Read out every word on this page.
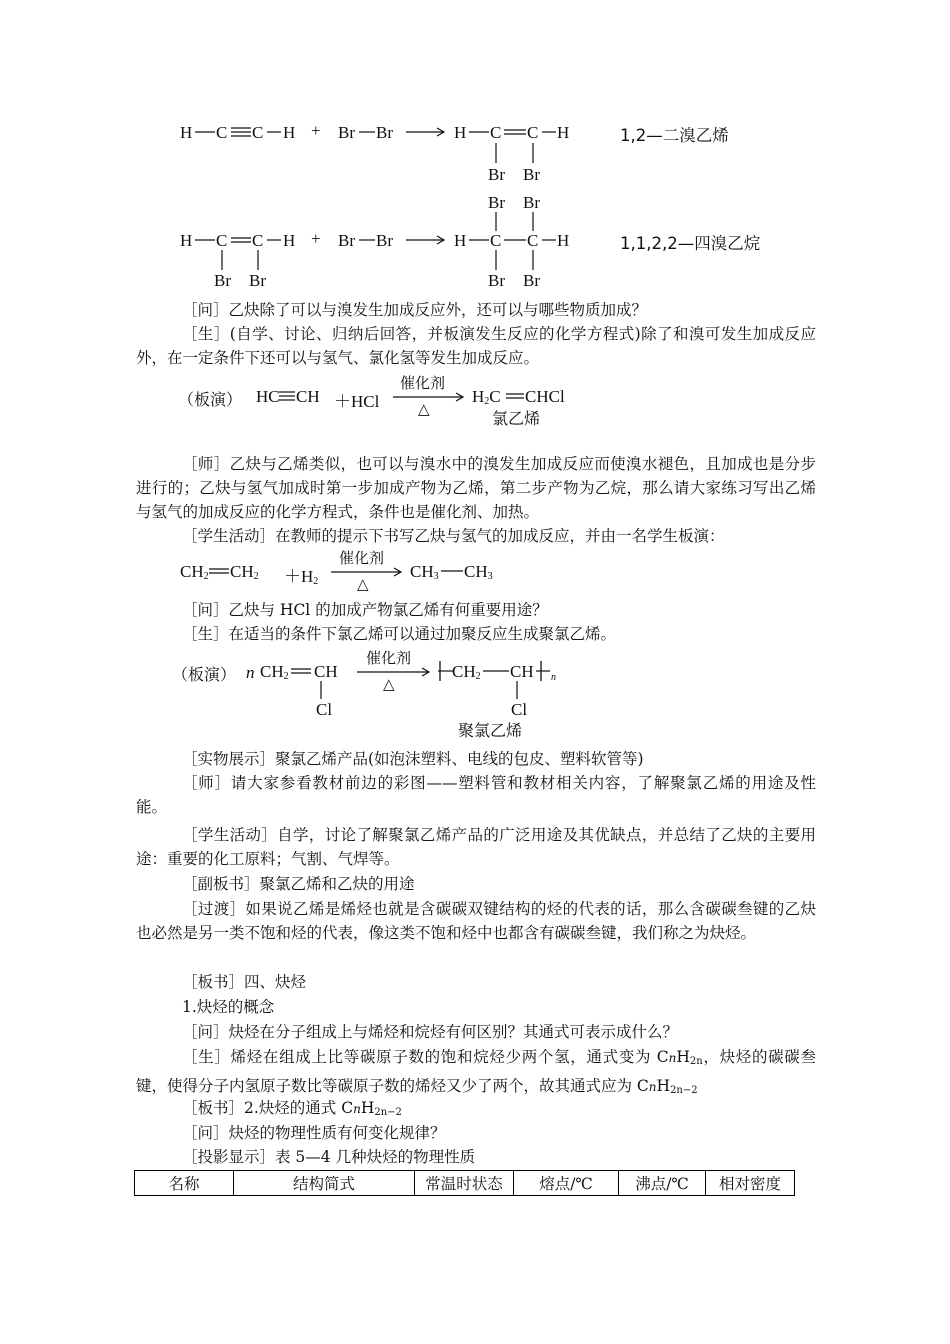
H C C H + Br Br → H C C H
Br Br
1,2—二溴乙烯
H C C H
Br Br
+ Br Br →
Br Br
H C C H
Br Br
1,1,2,2—四溴乙烷
［问］乙炔除了可以与溴发生加成反应外，还可以与哪些物质加成？
［生］(自学、讨论、归纳后回答，并板演发生反应的化学方程式)除了和溴可发生加成反应外，在一定条件下还可以与氢气、氯化氢等发生加成反应。
（板演） HC CH ＋HCl
催化剂
△
$H_2C$ CHCl
氯乙烯
［师］乙炔与乙烯类似，也可以与溴水中的溴发生加成反应而使溴水褪色，且加成也是分步进行的；乙炔与氢气加成时第一步加成产物为乙烯，第二步产物为乙烷，那么请大家练习写出乙烯与氢气的加成反应的化学方程式，条件也是催化剂、加热。
［学生活动］在教师的提示下书写乙炔与氢气的加成反应，并由一名学生板演：
$CH_2$ $CH_2 +H_2$
催化剂
△
$CH_3$ $CH_3$
［问］乙炔与 HCl 的加成产物氯乙烯有何重要用途？
［生］在适当的条件下氯乙烯可以通过加聚反应生成聚氯乙烯。
（板演） n $CH_2$ CH
Cl
催化剂
△
$CH_2$ CH n
Cl
聚氯乙烯
［实物展示］聚氯乙烯产品(如泡沫塑料、电线的包皮、塑料软管等)
［师］请大家参看教材前边的彩图——塑料管和教材相关内容，了解聚氯乙烯的用途及性能。
［学生活动］自学，讨论了解聚氯乙烯产品的广泛用途及其优缺点，并总结了乙炔的主要用途：重要的化工原料；气割、气焊等。
［副板书］聚氯乙烯和乙炔的用途
［过渡］如果说乙烯是烯烃也就是含碳碳双键结构的烃的代表的话，那么含碳碳叁键的乙炔也必然是另一类不饱和烃的代表，像这类不饱和烃中也都含有碳碳叁键，我们称之为炔烃。
［板书］四、炔烃
1.炔烃的概念
［问］炔烃在分子组成上与烯烃和烷烃有何区别？其通式可表示成什么？
［生］烯烃在组成上比等碳原子数的饱和烷烃少两个氢，通式变为 CnH$_{2n}$，炔烃的碳碳叁键，使得分子内氢原子数比等碳原子数的烯烃又少了两个，故其通式应为 CnH$_{2n-2}$
［板书］2.炔烃的通式 CnH$_{2n-2}$
［问］炔烃的物理性质有何变化规律？
［投影显示］表 5—4 几种炔烃的物理性质
名称	结构简式	常温时状态	熔点/℃	沸点/℃	相对密度
